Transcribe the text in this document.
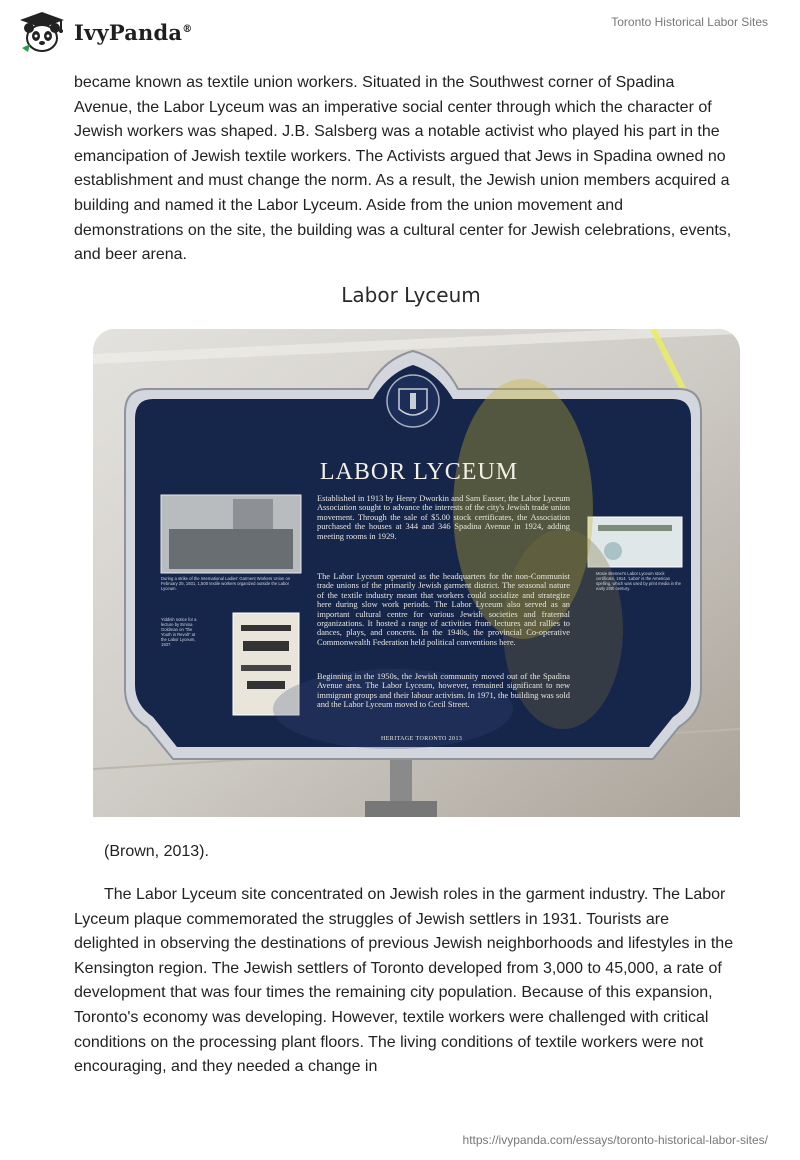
IvyPanda®	Toronto Historical Labor Sites

became known as textile union workers. Situated in the Southwest corner of Spadina Avenue, the Labor Lyceum was an imperative social center through which the character of Jewish workers was shaped. J.B. Salsberg was a notable activist who played his part in the emancipation of Jewish textile workers. The Activists argued that Jews in Spadina owned no establishment and must change the norm. As a result, the Jewish union members acquired a building and named it the Labor Lyceum. Aside from the union movement and demonstrations on the site, the building was a cultural center for Jewish celebrations, events, and beer arena.

Labor Lyceum
LABOR LYCEUM
Established in 1913 by Henry Dworkin and Sam Easser, the Labor Lyceum Association sought to advance the interests of the city's Jewish trade union movement. Through the sale of $5.00 stock certificates, the Association purchased the houses at 344 and 346 Spadina Avenue in 1924, adding meeting rooms in 1929.
The Labor Lyceum operated as the headquarters for the non-Communist trade unions of the primarily Jewish garment district. The seasonal nature of the textile industry meant that workers could socialize and strategize here during slow work periods. The Labor Lyceum also served as an important cultural centre for various Jewish societies and fraternal organizations. It hosted a range of activities from lectures and rallies to dances, plays, and concerts. In the 1940s, the provincial Co-operative Commonwealth Federation held political conventions here.
Beginning in the 1950s, the Jewish community moved out of the Spadina Avenue area. The Labor Lyceum, however, remained significant to new immigrant groups and their labour activism. In 1971, the building was sold and the Labor Lyceum moved to Cecil Street.
HERITAGE TORONTO 2013
During a strike of the International Ladies' Garment Workers Union on February 25, 1931, 1,500 textile workers organized outside the Labor Lyceum.
Yiddish notice for a lecture by Emma Goldman on "the Youth in Revolt" at the Labor Lyceum, 1937.
Mosie Brenner's Labor Lyceum stock certificate, 1914. 'Labor' is the American spelling, which was used by print media in the early 20th century.
(Brown, 2013).

The Labor Lyceum site concentrated on Jewish roles in the garment industry. The Labor Lyceum plaque commemorated the struggles of Jewish settlers in 1931. Tourists are delighted in observing the destinations of previous Jewish neighborhoods and lifestyles in the Kensington region. The Jewish settlers of Toronto developed from 3,000 to 45,000, a rate of development that was four times the remaining city population. Because of this expansion, Toronto's economy was developing. However, textile workers were challenged with critical conditions on the processing plant floors. The living conditions of textile workers were not encouraging, and they needed a change in

https://ivypanda.com/essays/toronto-historical-labor-sites/
